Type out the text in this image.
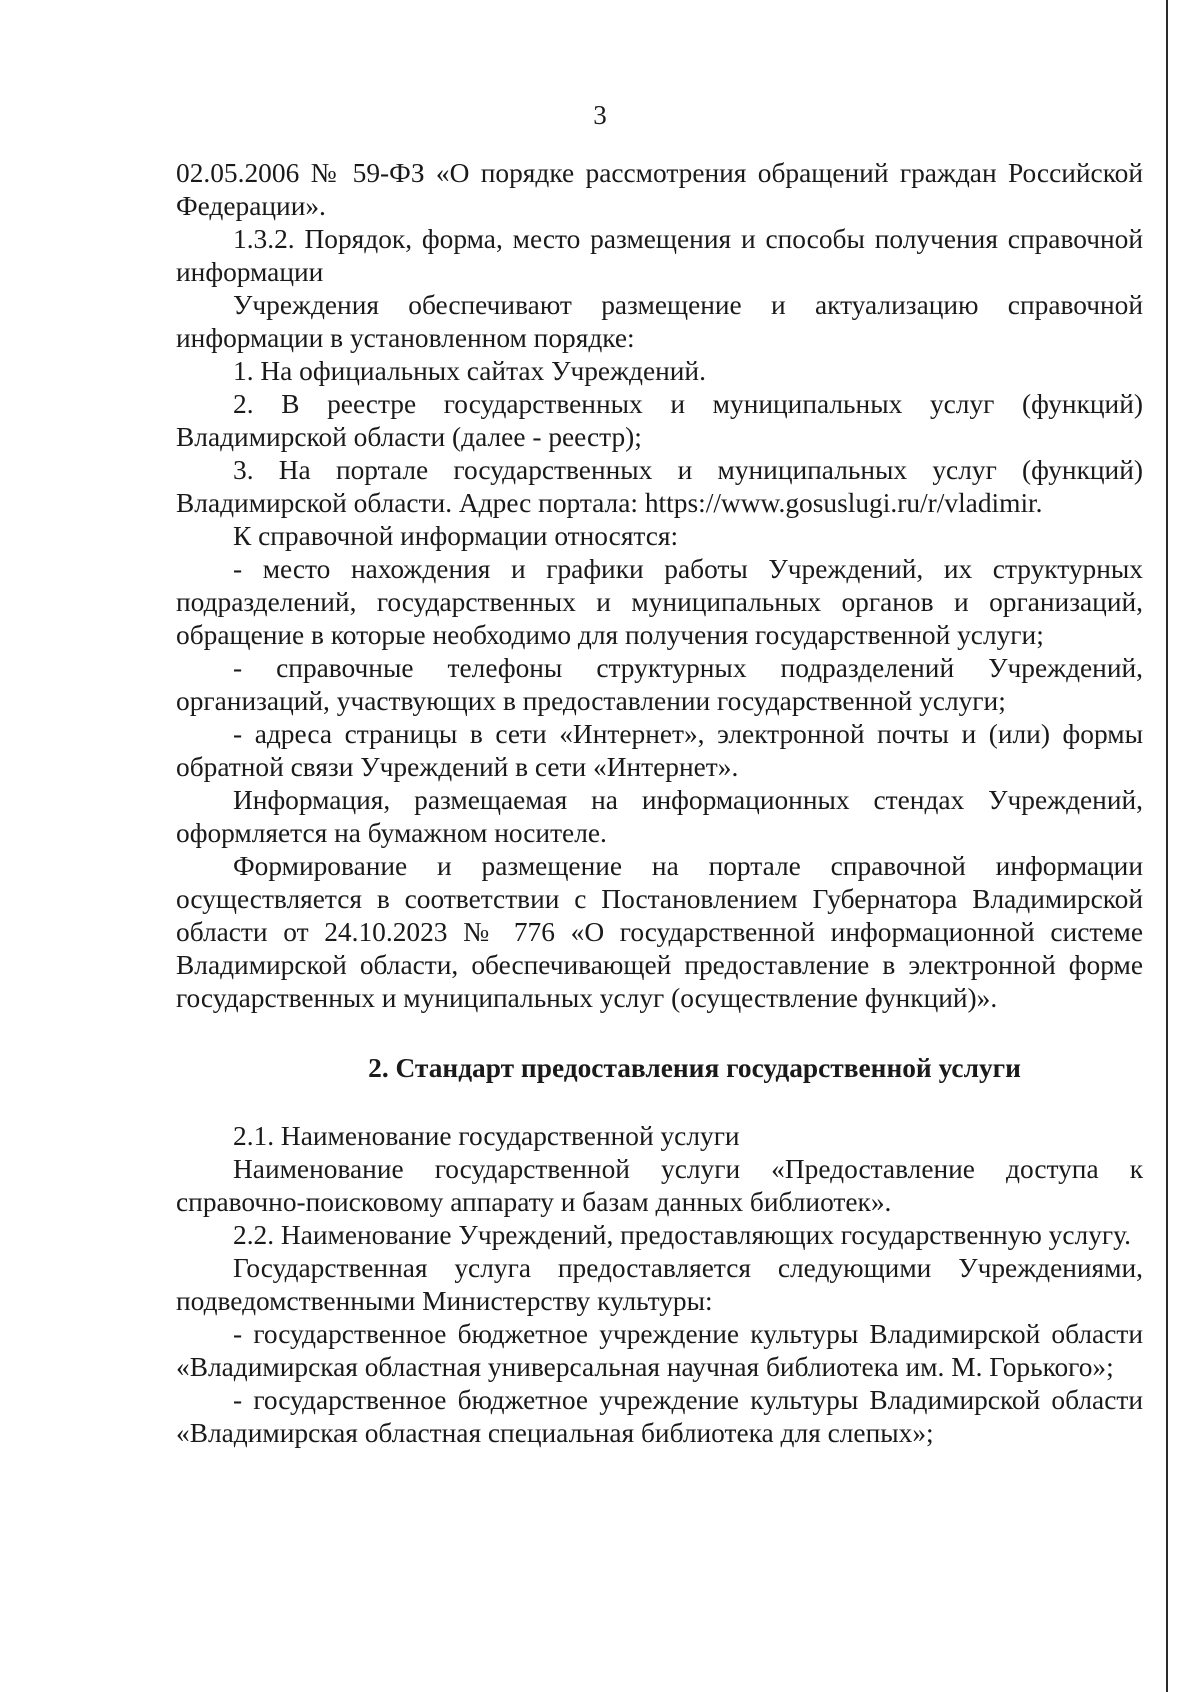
3

02.05.2006 № 59-ФЗ «О порядке рассмотрения обращений граждан Российской Федерации».

1.3.2. Порядок, форма, место размещения и способы получения справочной информации

Учреждения обеспечивают размещение и актуализацию справочной информации в установленном порядке:

1. На официальных сайтах Учреждений.

2. В реестре государственных и муниципальных услуг (функций) Владимирской области (далее - реестр);

3. На портале государственных и муниципальных услуг (функций) Владимирской области. Адрес портала: https://www.gosuslugi.ru/r/vladimir.

К справочной информации относятся:

- место нахождения и графики работы Учреждений, их структурных подразделений, государственных и муниципальных органов и организаций, обращение в которые необходимо для получения государственной услуги;

- справочные телефоны структурных подразделений Учреждений, организаций, участвующих в предоставлении государственной услуги;

- адреса страницы в сети «Интернет», электронной почты и (или) формы обратной связи Учреждений в сети «Интернет».

Информация, размещаемая на информационных стендах Учреждений, оформляется на бумажном носителе.

Формирование и размещение на портале справочной информации осуществляется в соответствии с Постановлением Губернатора Владимирской области от 24.10.2023 № 776 «О государственной информационной системе Владимирской области, обеспечивающей предоставление в электронной форме государственных и муниципальных услуг (осуществление функций)».

2. Стандарт предоставления государственной услуги

2.1. Наименование государственной услуги

Наименование государственной услуги «Предоставление доступа к справочно-поисковому аппарату и базам данных библиотек».

2.2. Наименование Учреждений, предоставляющих государственную услугу.

Государственная услуга предоставляется следующими Учреждениями, подведомственными Министерству культуры:

- государственное бюджетное учреждение культуры Владимирской области «Владимирская областная универсальная научная библиотека им. М. Горького»;

- государственное бюджетное учреждение культуры Владимирской области «Владимирская областная специальная библиотека для слепых»;
